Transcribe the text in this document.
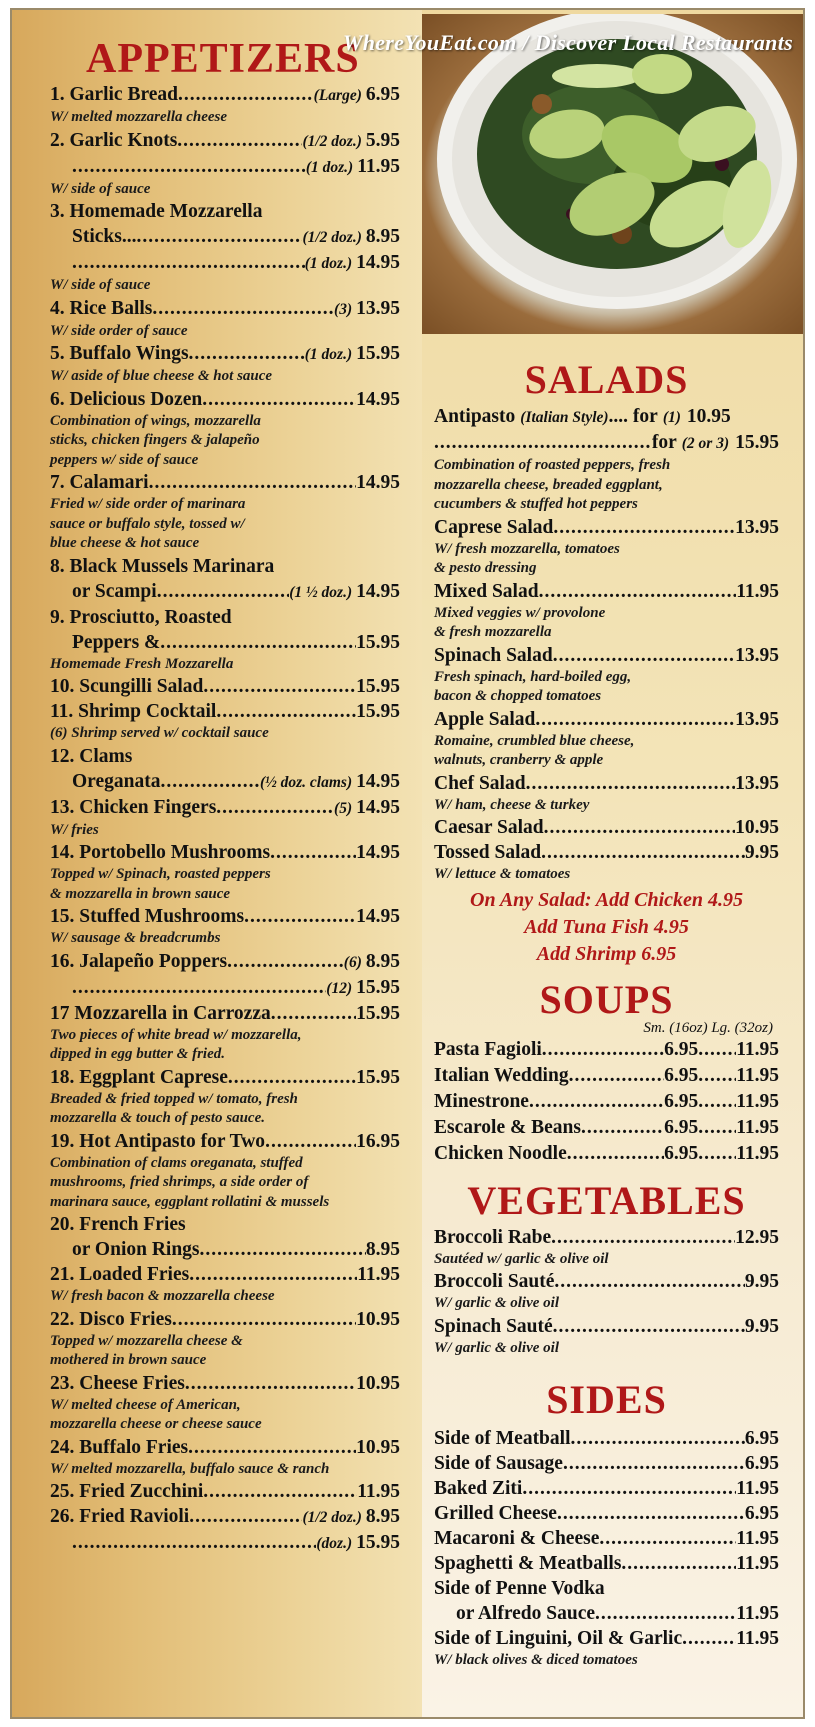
WhereYouEat.com / Discover Local Restaurants
APPETIZERS
1. Garlic Bread .....	(Large) 6.95
W/ melted mozzarella cheese
2. Garlic Knots .....	(1/2 doz.) 5.95
.....
(1 doz.) 11.95
W/ side of sauce
3. Homemade Mozzarella
Sticks... .....	(1/2 doz.) 8.95
.....
(1 doz.) 14.95
W/ side of sauce
4. Rice Balls .....	(3) 13.95
W/ side order of sauce
5. Buffalo Wings .....	(1 doz.) 15.95
W/ aside of blue cheese & hot sauce
6. Delicious Dozen .....	14.95
Combination of wings, mozzarella
sticks, chicken fingers & jalapeño
peppers w/ side of sauce
7. Calamari .....	14.95
Fried w/ side order of marinara
sauce or buffalo style, tossed w/
blue cheese & hot sauce
8. Black Mussels Marinara
or Scampi .....	(1 ½ doz.) 14.95
9. Prosciutto, Roasted
Peppers & .....	15.95
Homemade Fresh Mozzarella
10. Scungilli Salad .....	15.95
11. Shrimp Cocktail .....	15.95
(6) Shrimp served w/ cocktail sauce
12. Clams
Oreganata .....	(½ doz. clams) 14.95
13. Chicken Fingers .....	(5) 14.95
W/ fries
14. Portobello Mushrooms .....	14.95
Topped w/ Spinach, roasted peppers
& mozzarella in brown sauce
15. Stuffed Mushrooms .....	14.95
W/ sausage & breadcrumbs
16. Jalapeño Poppers .....	(6) 8.95
.....
(12) 15.95
17 Mozzarella in Carrozza .....	15.95
Two pieces of white bread w/ mozzarella,
dipped in egg butter & fried.
18. Eggplant Caprese .....	15.95
Breaded & fried topped w/ tomato, fresh
mozzarella & touch of pesto sauce.
19. Hot Antipasto for Two .....	16.95
Combination of clams oreganata, stuffed
mushrooms, fried shrimps, a side order of
marinara sauce, eggplant rollatini & mussels
20. French Fries
or Onion Rings .....	8.95
21. Loaded Fries .....	11.95
W/ fresh bacon & mozzarella cheese
22. Disco Fries .....	10.95
Topped w/ mozzarella cheese &
mothered in brown sauce
23. Cheese Fries .....	10.95
W/ melted cheese of American,
mozzarella cheese or cheese sauce
24. Buffalo Fries .....	10.95
W/ melted mozzarella, buffalo sauce & ranch
25. Fried Zucchini .....	11.95
26. Fried Ravioli .....	(1/2 doz.) 8.95
.....
(doz.) 15.95
SALADS
Antipasto (Italian Style) .... for (1) 10.95
.....
for (2 or 3) 15.95
Combination of roasted peppers, fresh
mozzarella cheese, breaded eggplant,
cucumbers & stuffed hot peppers
Caprese Salad .....	13.95
W/ fresh mozzarella, tomatoes
& pesto dressing
Mixed Salad .....	11.95
Mixed veggies w/ provolone
& fresh mozzarella
Spinach Salad .....	13.95
Fresh spinach, hard-boiled egg,
bacon & chopped tomatoes
Apple Salad .....	13.95
Romaine, crumbled blue cheese,
walnuts, cranberry & apple
Chef Salad .....	13.95
W/ ham, cheese & turkey
Caesar Salad .....	10.95
Tossed Salad .....	9.95
W/ lettuce & tomatoes
On Any Salad: Add Chicken 4.95
Add Tuna Fish 4.95
Add Shrimp 6.95
SOUPS
Sm. (16oz) Lg. (32oz)
Pasta Fagioli .....	6.95 ..... 11.95
Italian Wedding .....	6.95 ..... 11.95
Minestrone .....	6.95 ..... 11.95
Escarole & Beans .....	6.95 ..... 11.95
Chicken Noodle .....	6.95 ..... 11.95
VEGETABLES
Broccoli Rabe .....	12.95
Sautéed w/ garlic & olive oil
Broccoli Sauté .....	9.95
W/ garlic & olive oil
Spinach Sauté .....	9.95
W/ garlic & olive oil
SIDES
Side of Meatball .....	6.95
Side of Sausage .....	6.95
Baked Ziti .....	11.95
Grilled Cheese .....	6.95
Macaroni & Cheese .....	11.95
Spaghetti & Meatballs .....	11.95
Side of Penne Vodka
or Alfredo Sauce .....	11.95
Side of Linguini, Oil & Garlic .....	11.95
W/ black olives & diced tomatoes
